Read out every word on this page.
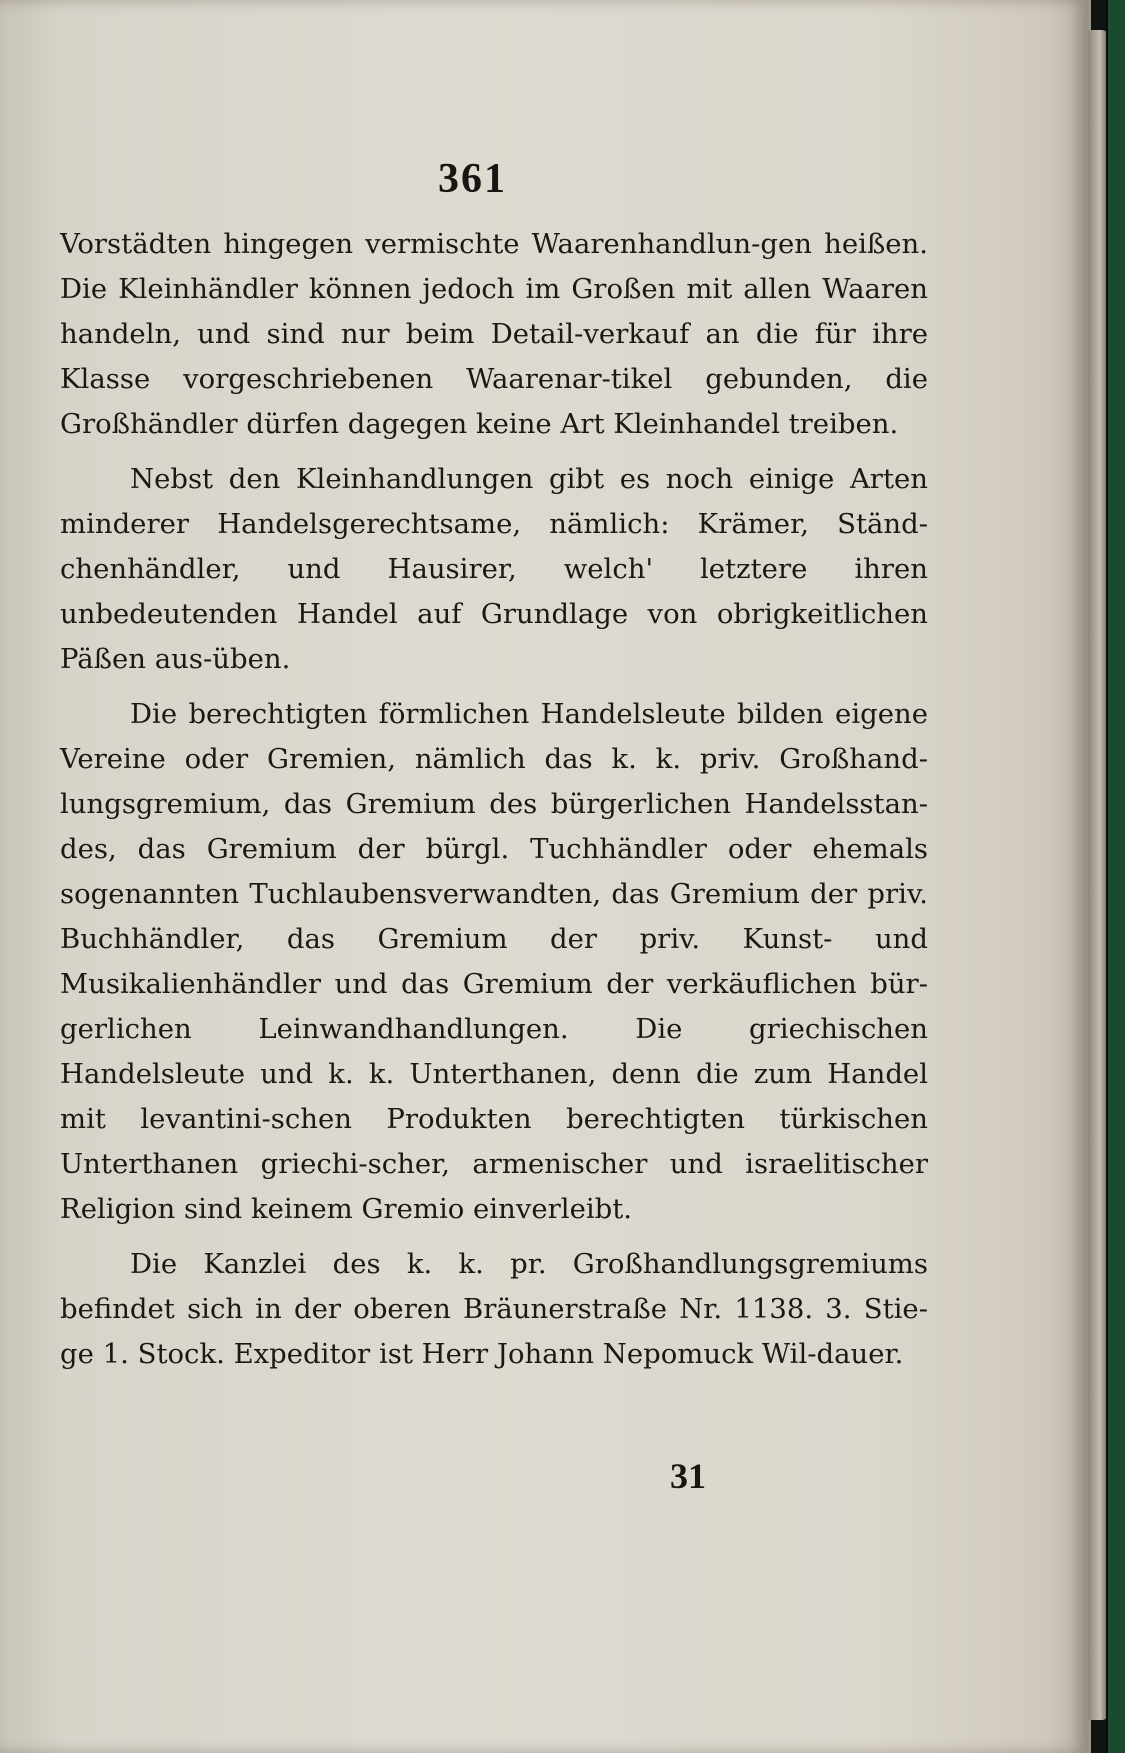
361

Vorstädten hingegen vermischte Waarenhandlun-gen heißen. Die Kleinhändler können jedoch im Großen mit allen Waaren handeln, und sind nur beim Detail-verkauf an die für ihre Klasse vorgeschriebenen Waarenar-tikel gebunden, die Großhändler dürfen dagegen keine Art Kleinhandel treiben.

Nebst den Kleinhandlungen gibt es noch einige Arten minderer Handelsgerechtsame, nämlich: Krämer, Ständ-chenhändler, und Hausirer, welch' letztere ihren unbedeutenden Handel auf Grundlage von obrigkeitlichen Päßen aus-üben.

Die berechtigten förmlichen Handelsleute bilden eigene Vereine oder Gremien, nämlich das k. k. priv. Großhand-lungsgremium, das Gremium des bürgerlichen Handelsstan-des, das Gremium der bürgl. Tuchhändler oder ehemals sogenannten Tuchlaubensverwandten, das Gremium der priv. Buchhändler, das Gremium der priv. Kunst- und Musikalienhändler und das Gremium der verkäuflichen bür-gerlichen Leinwandhandlungen. Die griechischen Handelsleute und k. k. Unterthanen, denn die zum Handel mit levantini-schen Produkten berechtigten türkischen Unterthanen griechi-scher, armenischer und israelitischer Religion sind keinem Gremio einverleibt.

Die Kanzlei des k. k. pr. Großhandlungsgremiums befindet sich in der oberen Bräunerstraße Nr. 1138. 3. Stie-ge 1. Stock. Expeditor ist Herr Johann Nepomuck Wil-dauer.

31
